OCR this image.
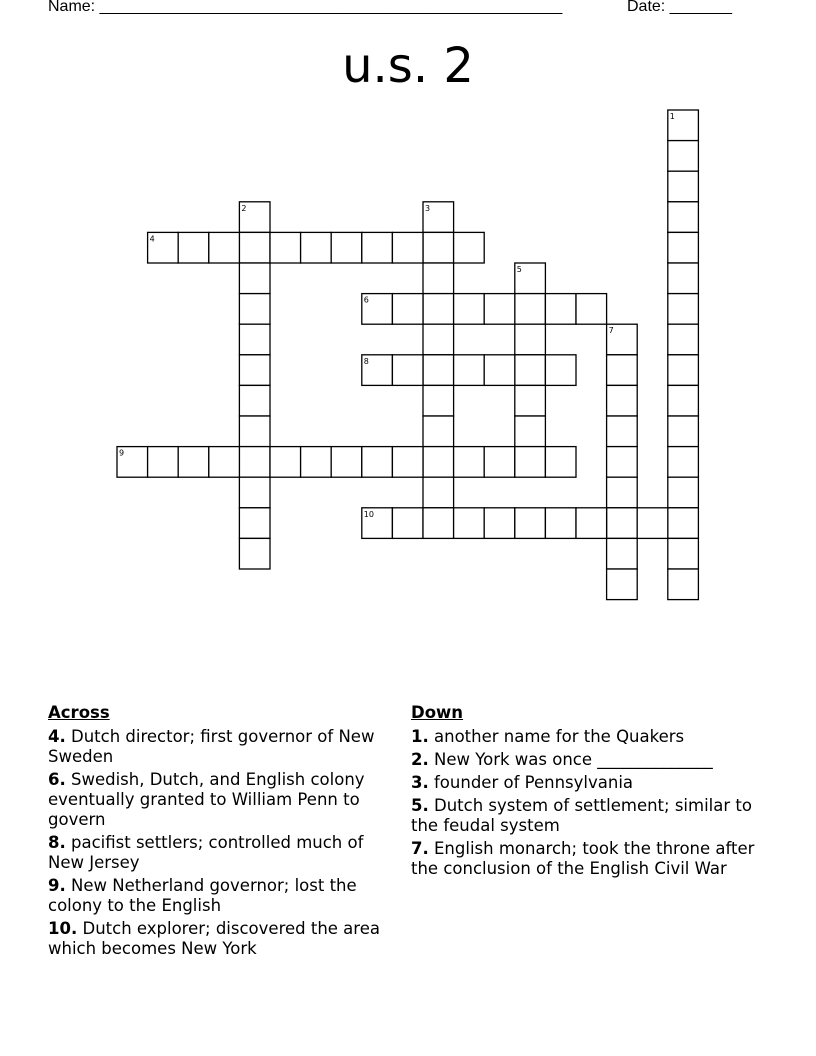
Name: ____________________________________________________	Date: _______
u.s. 2
1
2	3
4
5
6
7
8
9
10
Across
4. Dutch director; first governor of New Sweden
6. Swedish, Dutch, and English colony eventually granted to William Penn to govern
8. pacifist settlers; controlled much of New Jersey
9. New Netherland governor; lost the colony to the English
10. Dutch explorer; discovered the area which becomes New York
Down
1. another name for the Quakers
2. New York was once ______________
3. founder of Pennsylvania
5. Dutch system of settlement; similar to the feudal system
7. English monarch; took the throne after the conclusion of the English Civil War
